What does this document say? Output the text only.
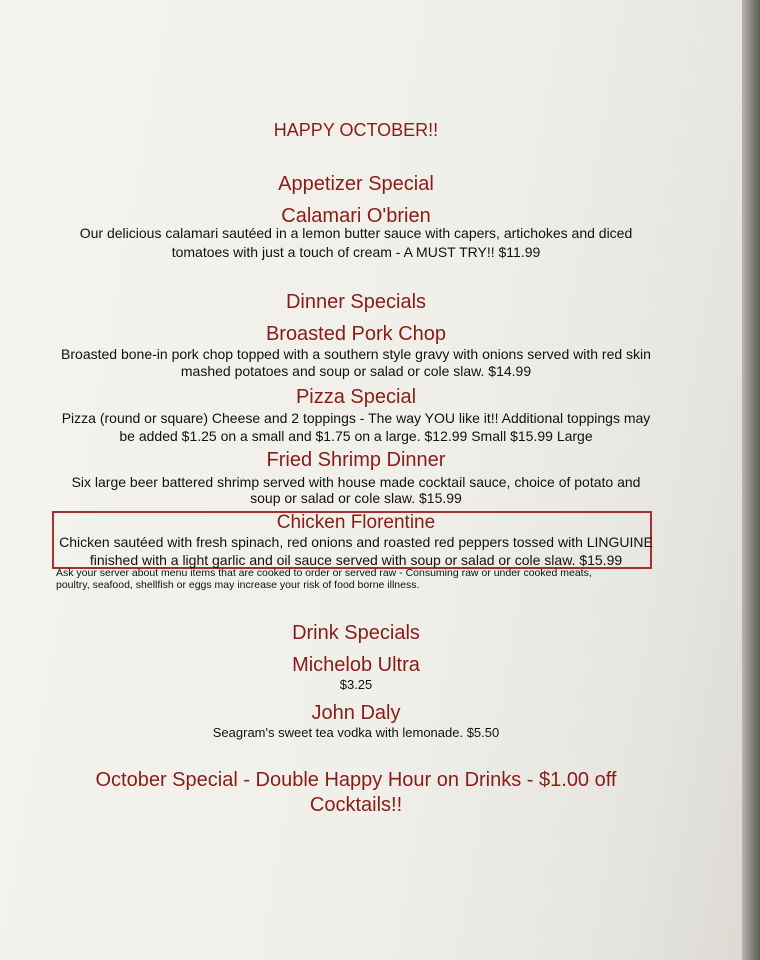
HAPPY OCTOBER!!
Appetizer Special
Calamari O'brien
Our delicious calamari sautéed in a lemon butter sauce with capers, artichokes and diced
tomatoes with just a touch of cream - A MUST TRY!! $11.99
Dinner Specials
Broasted Pork Chop
Broasted bone-in pork chop topped with a southern style gravy with onions served with red skin
mashed potatoes and soup or salad or cole slaw. $14.99
Pizza Special
Pizza (round or square) Cheese and 2 toppings - The way YOU like it!! Additional toppings may
be added $1.25 on a small and $1.75 on a large. $12.99 Small $15.99 Large
Fried Shrimp Dinner
Six large beer battered shrimp served with house made cocktail sauce, choice of potato and
soup or salad or cole slaw. $15.99
Chicken Florentine
Chicken sautéed with fresh spinach, red onions and roasted red peppers tossed with LINGUINE
finished with a light garlic and oil sauce served with soup or salad or cole slaw. $15.99
Ask your server about menu items that are cooked to order or served raw - Consuming raw or under cooked meats,
poultry, seafood, shellfish or eggs may increase your risk of food borne illness.
Drink Specials
Michelob Ultra
$3.25
John Daly
Seagram's sweet tea vodka with lemonade. $5.50
October Special - Double Happy Hour on Drinks - $1.00 off
Cocktails!!
